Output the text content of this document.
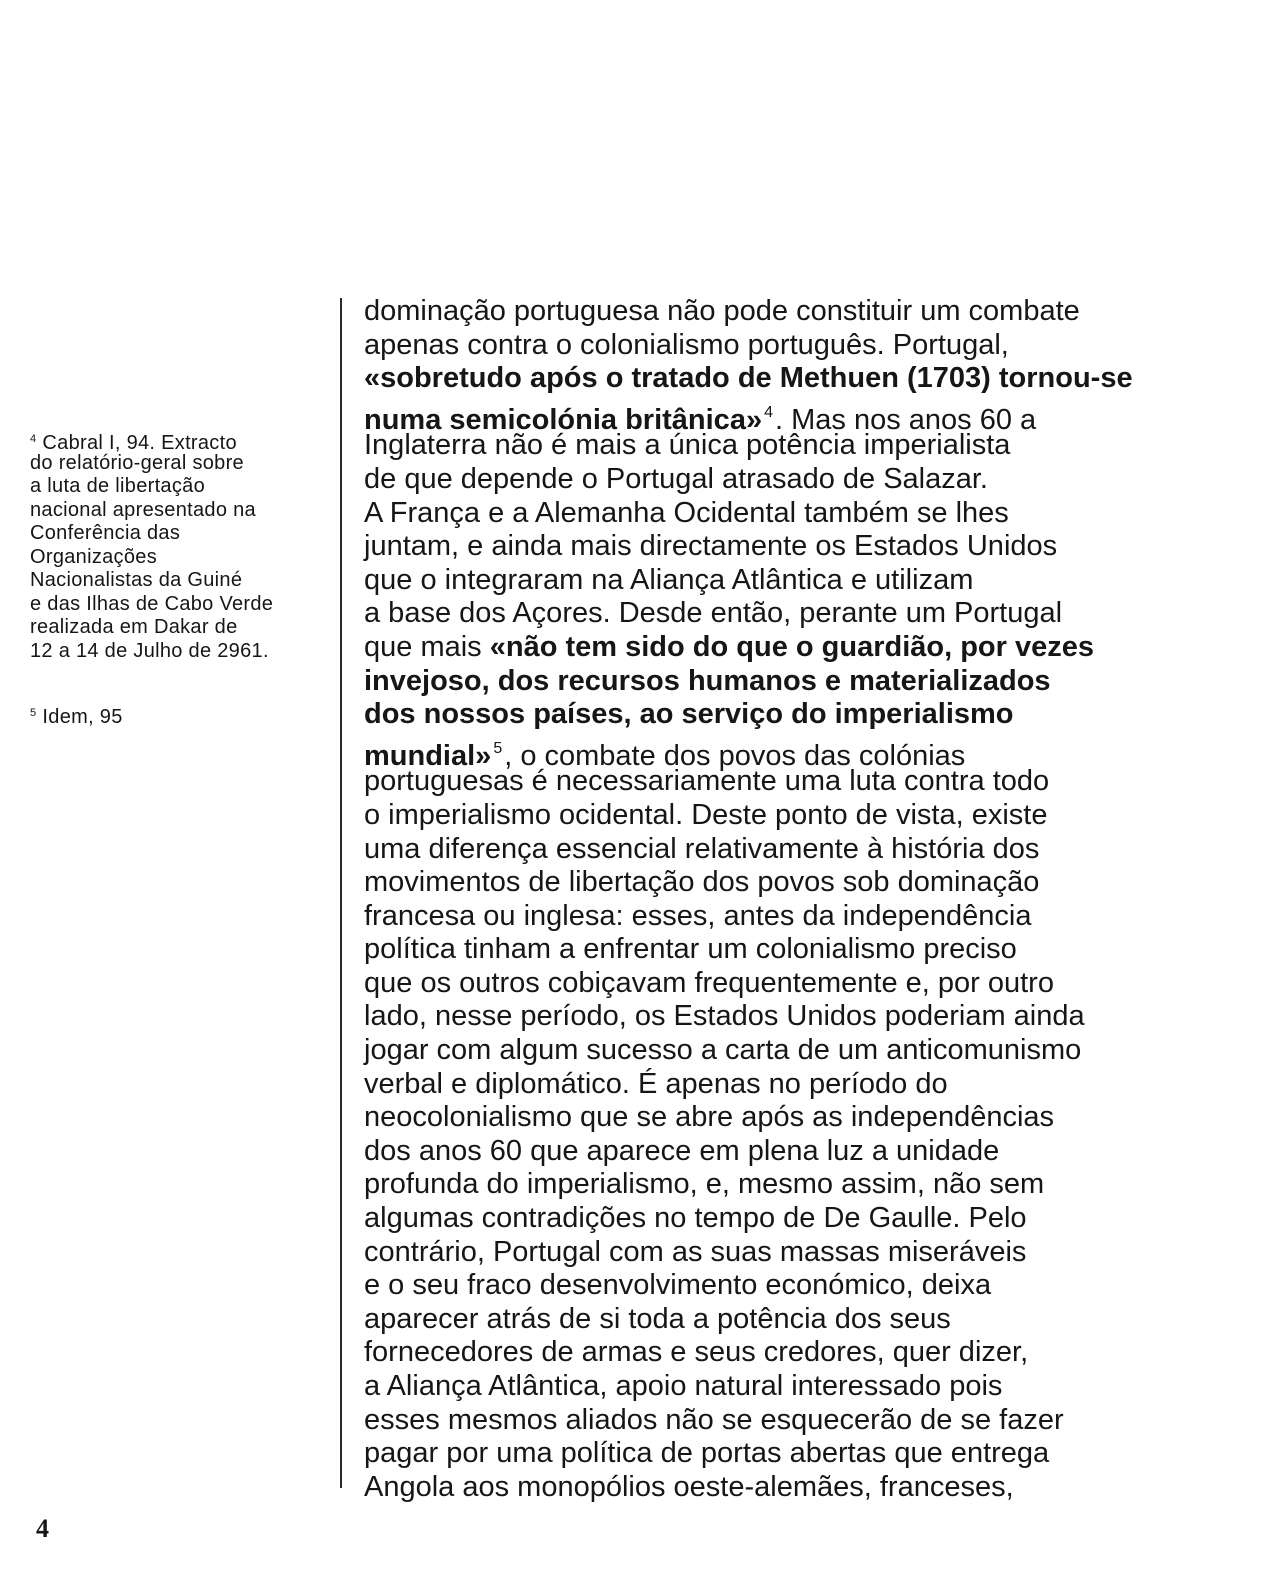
$^4$ Cabral I, 94. Extracto
do relatório-geral sobre
a luta de libertação
nacional apresentado na
Conferência das
Organizações
Nacionalistas da Guiné
e das Ilhas de Cabo Verde
realizada em Dakar de
12 a 14 de Julho de 2961.
$^5$ Idem, 95
dominação portuguesa não pode constituir um combate
apenas contra o colonialismo português. Portugal,
«sobretudo após o tratado de Methuen (1703) tornou-se
numa semicolónia britânica» $^4$. Mas nos anos 60 a
Inglaterra não é mais a única potência imperialista
de que depende o Portugal atrasado de Salazar.
A França e a Alemanha Ocidental também se lhes
juntam, e ainda mais directamente os Estados Unidos
que o integraram na Aliança Atlântica e utilizam
a base dos Açores. Desde então, perante um Portugal
que mais «não tem sido do que o guardião, por vezes
invejoso, dos recursos humanos e materializados
dos nossos países, ao serviço do imperialismo
mundial» $^5$, o combate dos povos das colónias
portuguesas é necessariamente uma luta contra todo
o imperialismo ocidental. Deste ponto de vista, existe
uma diferença essencial relativamente à história dos
movimentos de libertação dos povos sob dominação
francesa ou inglesa: esses, antes da independência
política tinham a enfrentar um colonialismo preciso
que os outros cobiçavam frequentemente e, por outro
lado, nesse período, os Estados Unidos poderiam ainda
jogar com algum sucesso a carta de um anticomunismo
verbal e diplomático. É apenas no período do
neocolonialismo que se abre após as independências
dos anos 60 que aparece em plena luz a unidade
profunda do imperialismo, e, mesmo assim, não sem
algumas contradições no tempo de De Gaulle. Pelo
contrário, Portugal com as suas massas miseráveis
e o seu fraco desenvolvimento económico, deixa
aparecer atrás de si toda a potência dos seus
fornecedores de armas e seus credores, quer dizer,
a Aliança Atlântica, apoio natural interessado pois
esses mesmos aliados não se esquecerão de se fazer
pagar por uma política de portas abertas que entrega
Angola aos monopólios oeste-alemães, franceses,
4
